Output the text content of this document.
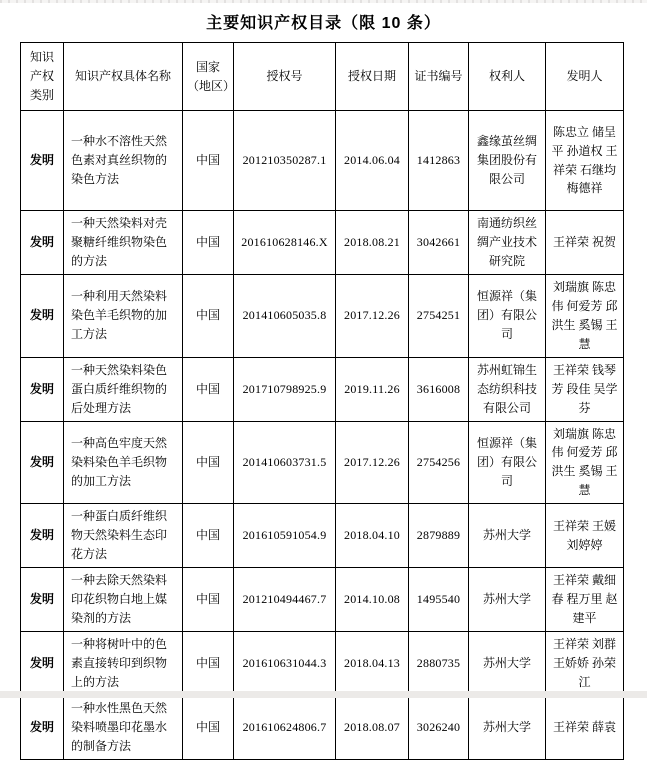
主要知识产权目录（限 10 条）
知识产权类别	知识产权具体名称	国家（地区）	授权号	授权日期	证书编号	权利人	发明人
发明	一种水不溶性天然色素对真丝织物的染色方法	中国	201210350287.1	2014.06.04	1412863	鑫缘茧丝绸集团股份有限公司	陈忠立 储呈平 孙道权 王祥荣 石继均 梅德祥
发明	一种天然染料对壳聚糖纤维织物染色的方法	中国	201610628146.X	2018.08.21	3042661	南通纺织丝绸产业技术研究院	王祥荣 祝贺
发明	一种利用天然染料染色羊毛织物的加工方法	中国	201410605035.8	2017.12.26	2754251	恒源祥（集团）有限公司	刘瑞旗 陈忠伟 何爱芳 邱洪生 奚锡 王慧
发明	一种天然染料染色蛋白质纤维织物的后处理方法	中国	201710798925.9	2019.11.26	3616008	苏州虹锦生态纺织科技有限公司	王祥荣 钱琴芳 段佳 吴学芬
发明	一种高色牢度天然染料染色羊毛织物的加工方法	中国	201410603731.5	2017.12.26	2754256	恒源祥（集团）有限公司	刘瑞旗 陈忠伟 何爱芳 邱洪生 奚锡 王慧
发明	一种蛋白质纤维织物天然染料生态印花方法	中国	201610591054.9	2018.04.10	2879889	苏州大学	王祥荣 王媛 刘婷婷
发明	一种去除天然染料印花织物白地上媒染剂的方法	中国	201210494467.7	2014.10.08	1495540	苏州大学	王祥荣 戴细春 程万里 赵建平
发明	一种将树叶中的色素直接转印到织物上的方法	中国	201610631044.3	2018.04.13	2880735	苏州大学	王祥荣 刘群 王娇娇 孙荣江
发明	一种水性黑色天然染料喷墨印花墨水的制备方法	中国	201610624806.7	2018.08.07	3026240	苏州大学	王祥荣 薛袁
